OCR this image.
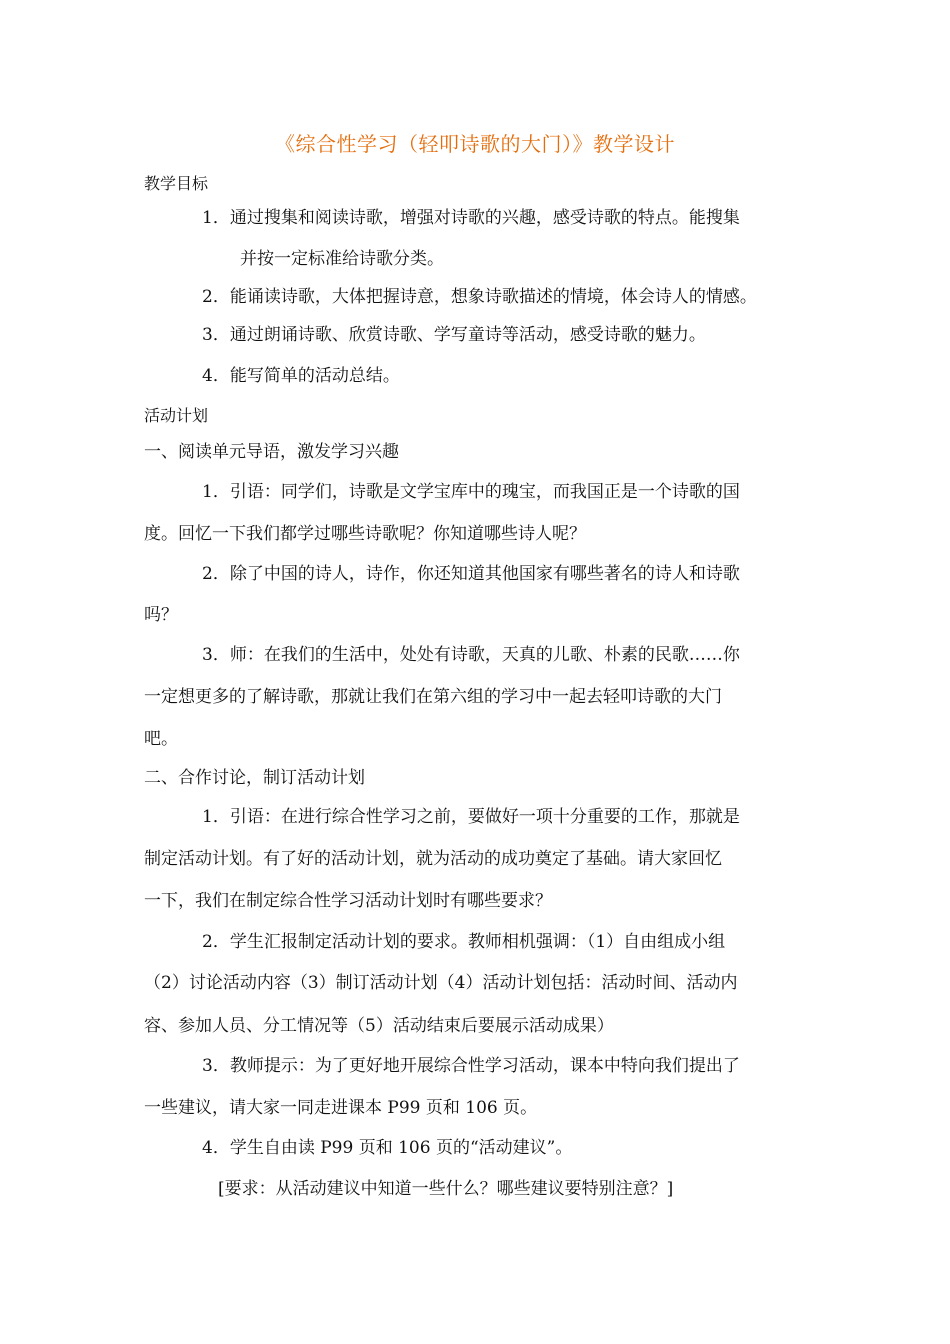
《综合性学习（轻叩诗歌的大门）》教学设计
教学目标
1．通过搜集和阅读诗歌，增强对诗歌的兴趣，感受诗歌的特点。能搜集
并按一定标准给诗歌分类。
2．能诵读诗歌，大体把握诗意，想象诗歌描述的情境，体会诗人的情感。
3．通过朗诵诗歌、欣赏诗歌、学写童诗等活动，感受诗歌的魅力。
4．能写简单的活动总结。
活动计划
一、阅读单元导语，激发学习兴趣
1．引语：同学们，诗歌是文学宝库中的瑰宝，而我国正是一个诗歌的国
度。回忆一下我们都学过哪些诗歌呢？你知道哪些诗人呢？
2．除了中国的诗人，诗作，你还知道其他国家有哪些著名的诗人和诗歌
吗？
3．师：在我们的生活中，处处有诗歌，天真的儿歌、朴素的民歌……你
一定想更多的了解诗歌，那就让我们在第六组的学习中一起去轻叩诗歌的大门
吧。
二、合作讨论，制订活动计划
1．引语：在进行综合性学习之前，要做好一项十分重要的工作，那就是
制定活动计划。有了好的活动计划，就为活动的成功奠定了基础。请大家回忆
一下，我们在制定综合性学习活动计划时有哪些要求？
2．学生汇报制定活动计划的要求。教师相机强调：（1）自由组成小组
（2）讨论活动内容（3）制订活动计划（4）活动计划包括：活动时间、活动内
容、参加人员、分工情况等（5）活动结束后要展示活动成果）
3．教师提示：为了更好地开展综合性学习活动，课本中特向我们提出了
一些建议，请大家一同走进课本 P99 页和 106 页。
4．学生自由读 P99 页和 106 页的“活动建议”。
[要求：从活动建议中知道一些什么？哪些建议要特别注意？]
